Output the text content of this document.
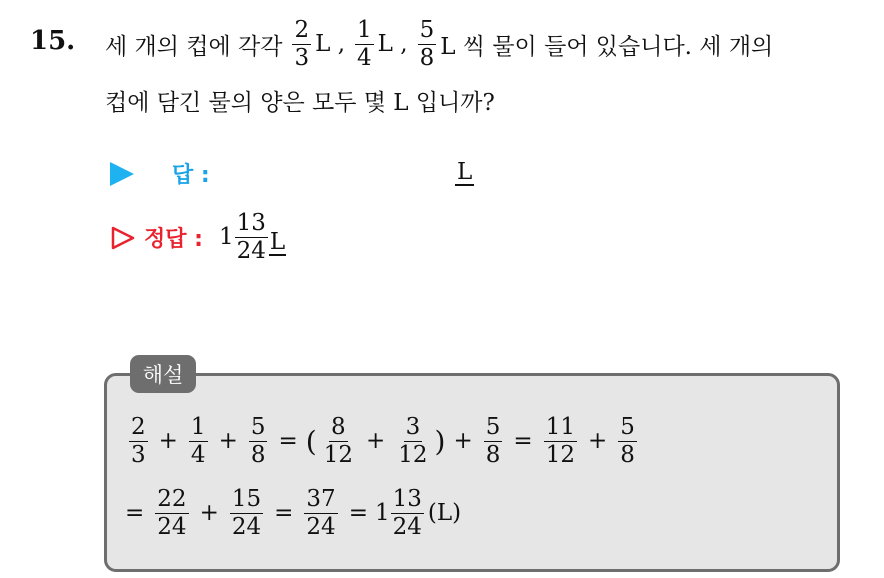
15. 세 개의 컵에 각각 $\frac{2}{3}$ L , $\frac{1}{4}$ L , $\frac{5}{8}$ L 씩 물이 들어 있습니다. 세 개의
컵에 담긴 물의 양은 모두 몇 L 입니까?
답 :	L
정답 : $1 \frac{13}{24}$ L
해설
$\frac{2}{3} + \frac{1}{4} + \frac{5}{8}$ = ( $\frac{8}{12} + \frac{3}{12}$ ) + $\frac{5}{8} = \frac{11}{12} + \frac{5}{8}$
= $\frac{22}{24} + \frac{15}{24} = \frac{37}{24} = 1 \frac{13}{24} (L)$
